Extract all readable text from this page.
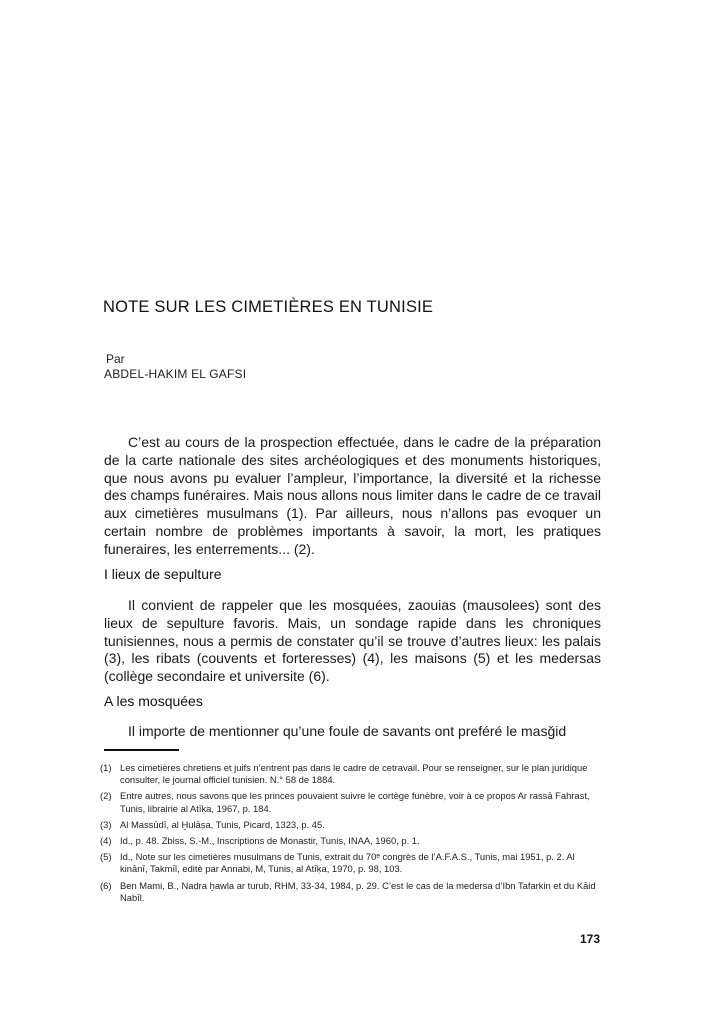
NOTE SUR LES CIMETIÈRES EN TUNISIE
Par
ABDEL-HAKIM EL GAFSI

C’est au cours de la prospection effectuée, dans le cadre de la préparation de la carte nationale des sites archéologiques et des monuments historiques, que nous avons pu evaluer l’ampleur, l’importance, la diversité et la richesse des champs funéraires. Mais nous allons nous limiter dans le cadre de ce travail aux cimetières musulmans (1). Par ailleurs, nous n’allons pas evoquer un certain nombre de problèmes importants à savoir, la mort, les pratiques funeraires, les enterrements... (2).

I lieux de sepulture

Il convient de rappeler que les mosquées, zaouias (mausolees) sont des lieux de sepulture favoris. Mais, un sondage rapide dans les chroniques tunisiennes, nous a permis de constater qu’il se trouve d’autres lieux: les palais (3), les ribats (couvents et forteresses) (4), les maisons (5) et les medersas (collège secondaire et universite (6).

A les mosquées

Il importe de mentionner qu’une foule de savants ont preféré le masǧid

(1) Les cimetières chretiens et juifs n’entrent pas dans le cadre de cetravail. Pour se renseigner, sur le plan juridique consulter, le journal officiel tunisien. N.° 58 de 1884.
(2) Entre autres, nous savons que les princes pouvaient suivre le cortège funèbre, voir à ce propos Ar rassā Fahrast, Tunis, librairie al Atīḳa, 1967, p. 184.
(3) Al Massūdī, al Ḫulāṣa, Tunis, Picard, 1323, p. 45.
(4) Id., p. 48. Zbiss, S.-M., Inscriptions de Monastir, Tunis, INAA, 1960, p. 1.
(5) Id., Note sur les cimetières musulmans de Tunis, extrait du 70ᵉ congrès de l’A.F.A.S., Tunis, mai 1951, p. 2. Al kinānī, Takmīl, editè par Annabi, M, Tunis, al Atīḳa, 1970, p. 98, 103.
(6) Ben Mami, B., Naḍra ḫawla ar turub, RHM, 33-34, 1984, p. 29. C’est le cas de la medersa d’Ibn Tafarkin et du Kāid Nabīl.
173
